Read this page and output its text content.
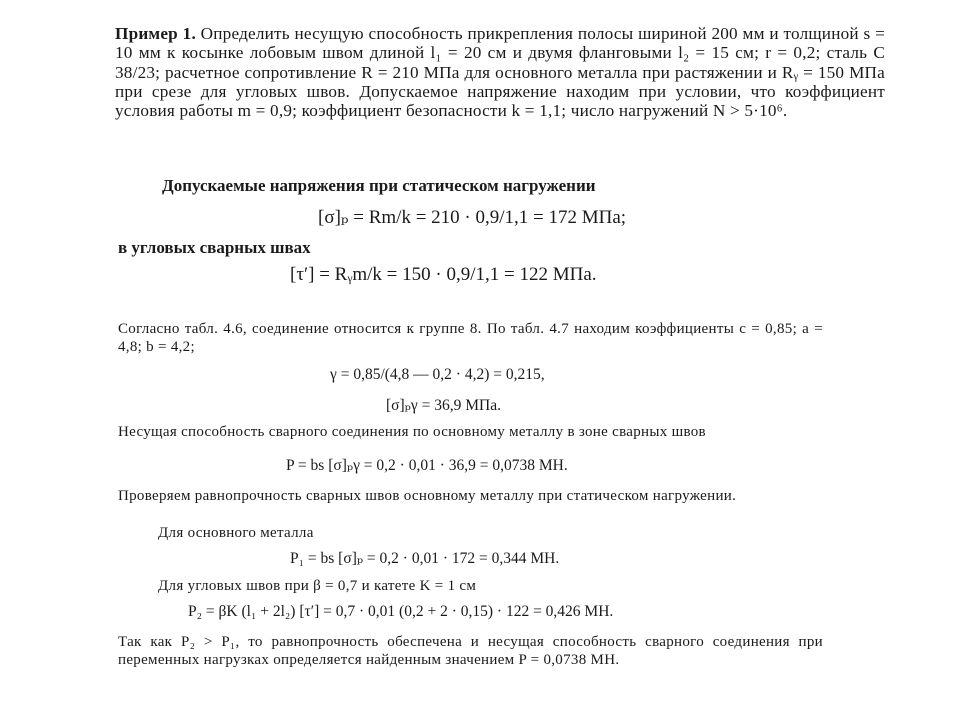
Пример 1. Определить несущую способность прикрепления полосы шириной 200 мм и толщиной s = 10 мм к косынке лобовым швом длиной l₁ = 20 см и двумя фланговыми l₂ = 15 см; r = 0,2; сталь С 38/23; расчетное сопротивление R = 210 МПа для основного металла при растяжении и Rᵧ = 150 МПа при срезе для угловых швов. Допускаемое напряжение находим при условии, что коэффициент условия работы m = 0,9; коэффициент безопасности k = 1,1; число нагружений N > 5·10⁶.
Допускаемые напряжения при статическом нагружении
[σ]ₚ = Rm/k = 210 · 0,9/1,1 = 172 МПа;
в угловых сварных швах
[τ′] = Rᵧm/k = 150 · 0,9/1,1 = 122 МПа.
Согласно табл. 4.6, соединение относится к группе 8. По табл. 4.7 находим коэффициенты c = 0,85; a = 4,8; b = 4,2;
γ = 0,85/(4,8 — 0,2 · 4,2) = 0,215,
[σ]ₚγ = 36,9 МПа.
Несущая способность сварного соединения по основному металлу в зоне сварных швов
P = bs [σ]ₚγ = 0,2 · 0,01 · 36,9 = 0,0738 МН.
Проверяем равнопрочность сварных швов основному металлу при статическом нагружении.
Для основного металла
P₁ = bs [σ]ₚ = 0,2 · 0,01 · 172 = 0,344 МН.
Для угловых швов при β = 0,7 и катете K = 1 см
P₂ = βK (l₁ + 2l₂) [τ′] = 0,7 · 0,01 (0,2 + 2 · 0,15) · 122 = 0,426 МН.
Так как P₂ > P₁, то равнопрочность обеспечена и несущая способность сварного соединения при переменных нагрузках определяется найденным значением P = 0,0738 МН.
